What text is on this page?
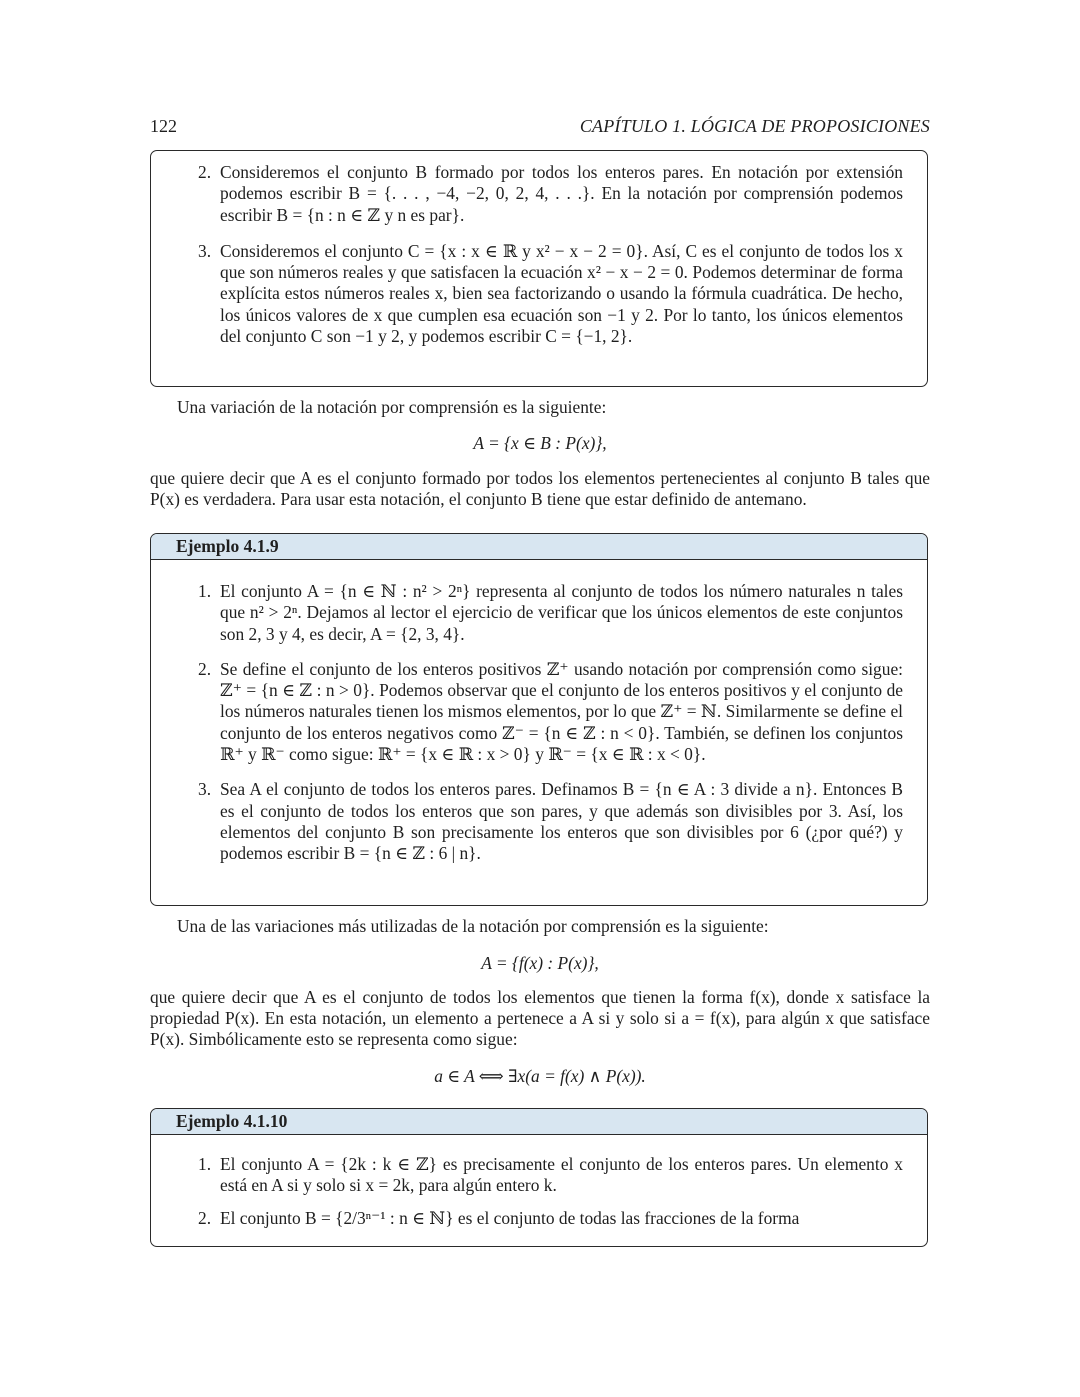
122	CAPÍTULO 1. LÓGICA DE PROPOSICIONES
2. Consideremos el conjunto B formado por todos los enteros pares. En notación por extensión podemos escribir B = {. . . , −4, −2, 0, 2, 4, . . .}. En la notación por comprensión podemos escribir B = {n : n ∈ ℤ y n es par}.
3. Consideremos el conjunto C = {x : x ∈ ℝ y x² − x − 2 = 0}. Así, C es el conjunto de todos los x que son números reales y que satisfacen la ecuación x² − x − 2 = 0. Podemos determinar de forma explícita estos números reales x, bien sea factorizando o usando la fórmula cuadrática. De hecho, los únicos valores de x que cumplen esa ecuación son −1 y 2. Por lo tanto, los únicos elementos del conjunto C son −1 y 2, y podemos escribir C = {−1, 2}.

Una variación de la notación por comprensión es la siguiente:

A = {x ∈ B : P(x)},

que quiere decir que A es el conjunto formado por todos los elementos pertenecientes al conjunto B tales que P(x) es verdadera. Para usar esta notación, el conjunto B tiene que estar definido de antemano.

Ejemplo 4.1.9
1. El conjunto A = {n ∈ ℕ : n² > 2ⁿ} representa al conjunto de todos los número naturales n tales que n² > 2ⁿ. Dejamos al lector el ejercicio de verificar que los únicos elementos de este conjuntos son 2, 3 y 4, es decir, A = {2, 3, 4}.
2. Se define el conjunto de los enteros positivos ℤ⁺ usando notación por comprensión como sigue: ℤ⁺ = {n ∈ ℤ : n > 0}. Podemos observar que el conjunto de los enteros positivos y el conjunto de los números naturales tienen los mismos elementos, por lo que ℤ⁺ = ℕ. Similarmente se define el conjunto de los enteros negativos como ℤ⁻ = {n ∈ ℤ : n < 0}. También, se definen los conjuntos ℝ⁺ y ℝ⁻ como sigue: ℝ⁺ = {x ∈ ℝ : x > 0} y ℝ⁻ = {x ∈ ℝ : x < 0}.
3. Sea A el conjunto de todos los enteros pares. Definamos B = {n ∈ A : 3 divide a n}. Entonces B es el conjunto de todos los enteros que son pares, y que además son divisibles por 3. Así, los elementos del conjunto B son precisamente los enteros que son divisibles por 6 (¿por qué?) y podemos escribir B = {n ∈ ℤ : 6 | n}.

Una de las variaciones más utilizadas de la notación por comprensión es la siguiente:

A = {f(x) : P(x)},

que quiere decir que A es el conjunto de todos los elementos que tienen la forma f(x), donde x satisface la propiedad P(x). En esta notación, un elemento a pertenece a A si y solo si a = f(x), para algún x que satisface P(x). Simbólicamente esto se representa como sigue:

a ∈ A ⟺ ∃x(a = f(x) ∧ P(x)).
Ejemplo 4.1.10
1. El conjunto A = {2k : k ∈ ℤ} es precisamente el conjunto de los enteros pares. Un elemento x está en A si y solo si x = 2k, para algún entero k.
2. El conjunto B = {2/3ⁿ⁻¹ : n ∈ ℕ} es el conjunto de todas las fracciones de la forma
